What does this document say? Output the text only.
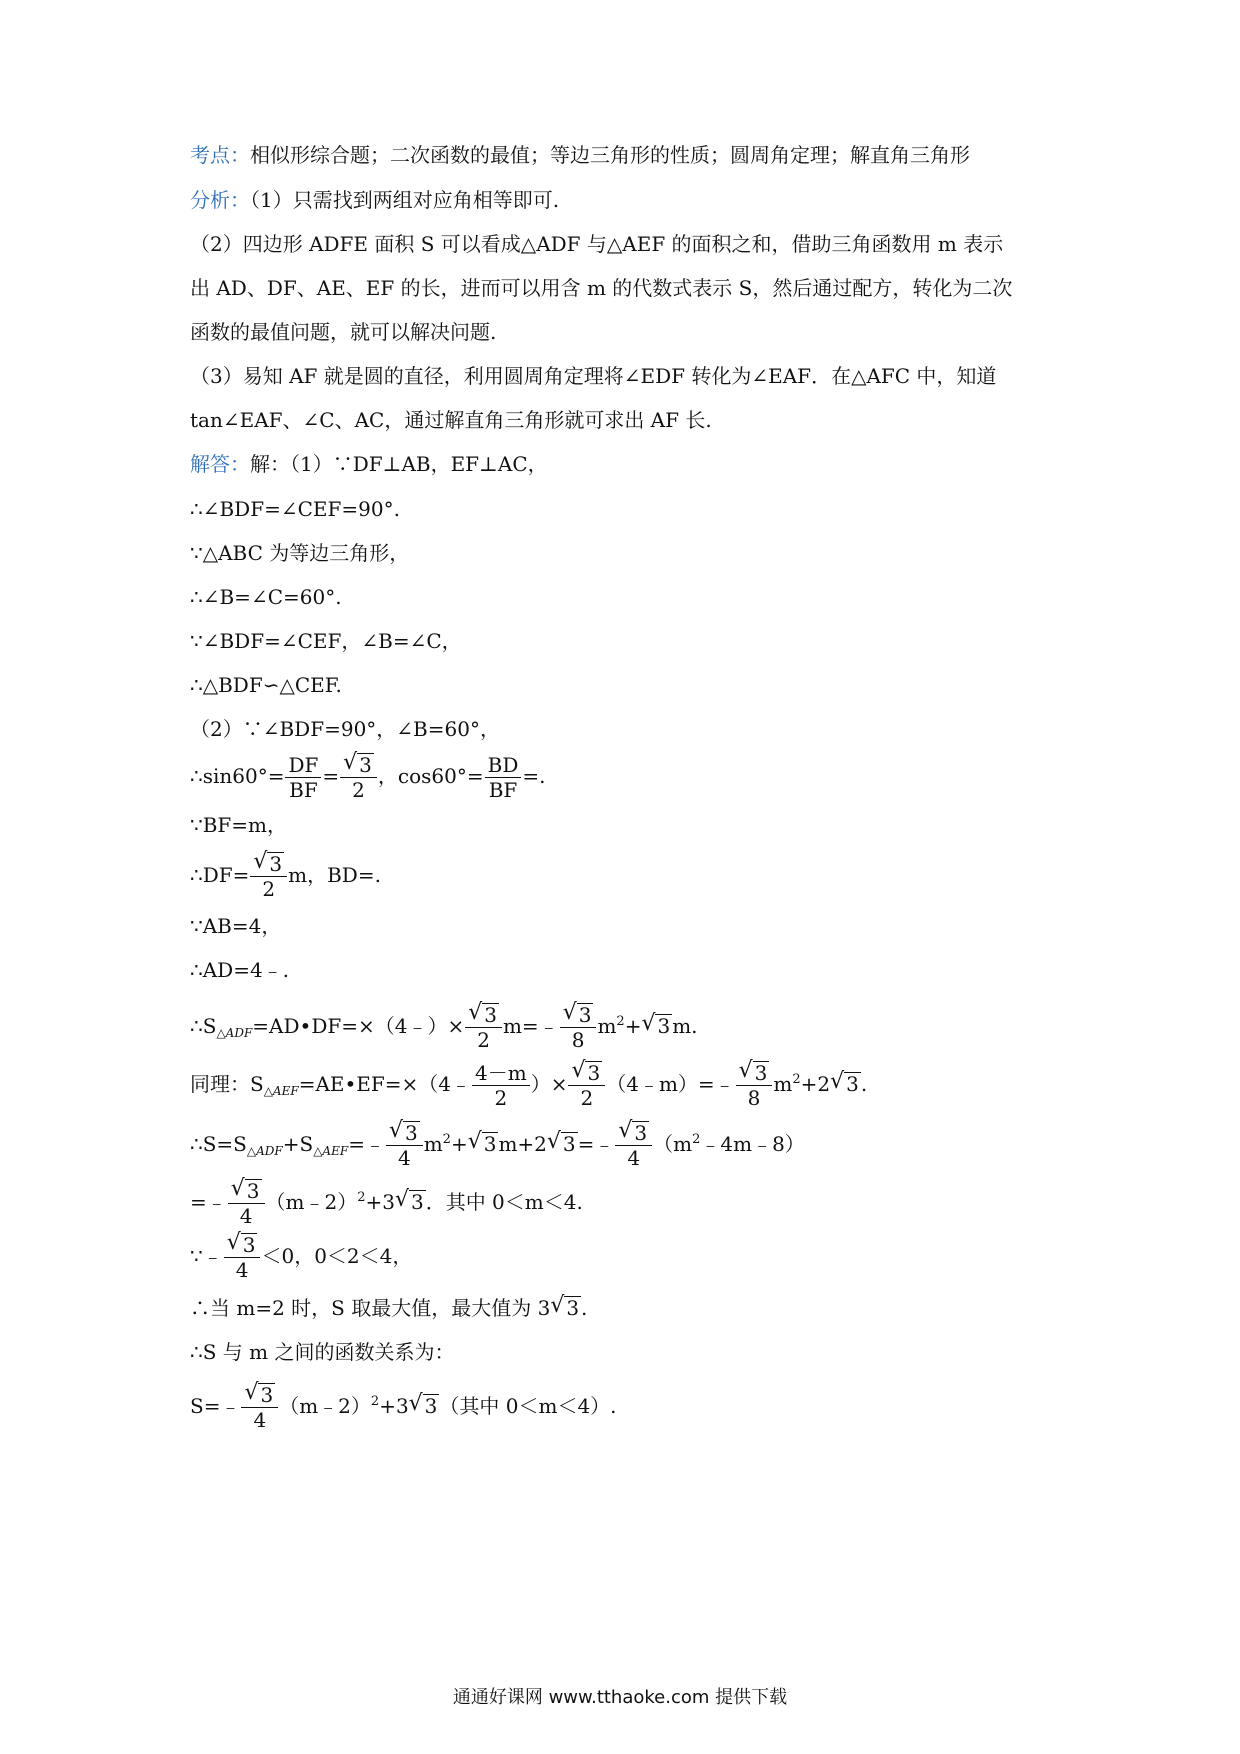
考点：相似形综合题；二次函数的最值；等边三角形的性质；圆周角定理；解直角三角形
分析：（1）只需找到两组对应角相等即可.
（2）四边形 ADFE 面积 S 可以看成△ADF 与△AEF 的面积之和，借助三角函数用 m 表示
出 AD、DF、AE、EF 的长，进而可以用含 m 的代数式表示 S，然后通过配方，转化为二次
函数的最值问题，就可以解决问题.
（3）易知 AF 就是圆的直径，利用圆周角定理将∠EDF 转化为∠EAF．在△AFC 中，知道
tan∠EAF、∠C、AC，通过解直角三角形就可求出 AF 长.
解答：解：（1）∵DF⊥AB，EF⊥AC，
∴∠BDF=∠CEF=90°.
∵△ABC 为等边三角形，
∴∠B=∠C=60°.
∵∠BDF=∠CEF，∠B=∠C，
∴△BDF∽△CEF.
（2）∵∠BDF=90°，∠B=60°，
∴sin60°= $\frac{DF}{BF} = \frac{√ 3}{2}$ ，$\cos 60^\circ= \frac{BD}{BF}$ =.
∵BF=m，
∴DF= $\frac{√ 3}{2}$ m，BD=.
∵AB=4，
∴AD=4﹣.
$\therefore S_{\triangle ADF}=AD•DF=\times(4﹣)\times \frac{√ 3}{2}$ m=﹣ $\frac{√ 3}{8} m^2+$ √ 3 m.
同理：$S_{\triangle AEF}=AE•EF=\times(4﹣ \frac{4-m}{2}$ ）× $\frac{√ 3}{2}$ （4﹣m）=﹣ $\frac{√ 3}{8} m^2+2$ √ 3 .
$\therefore S=S_{\triangle ADF}+S_{\triangle AEF}=﹣ \frac{√ 3}{4} m^2+$ √ 3 m+2 √ 3 =﹣ $\frac{√ 3}{4}$ $(m^2﹣4m﹣8)$
=﹣ $\frac{√ 3}{4}$ （m﹣2）$^2$+3 √ 3 ．其中 0＜m＜4.
∵﹣ $\frac{√ 3}{4} <0$，0＜2＜4，
∴当 m=2 时，S 取最大值，最大值为 3 √ 3 .
∴S 与 m 之间的函数关系为：
S=﹣ $\frac{√ 3}{4}$ （m﹣2）$^2$+3 √ 3 （其中 0＜m＜4）.
通通好课网 www.tthaoke.com 提供下载
